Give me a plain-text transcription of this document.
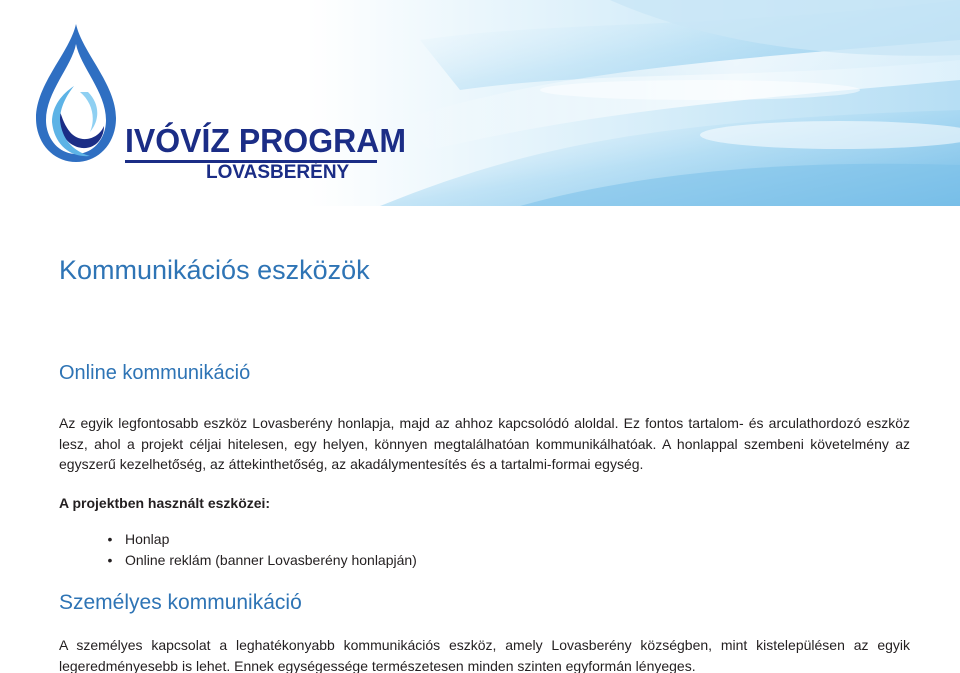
IVÓVÍZ PROGRAM
LOVASBERÉNY
Kommunikációs eszközök
Online kommunikáció
Az egyik legfontosabb eszköz Lovasberény honlapja, majd az ahhoz kapcsolódó aloldal. Ez fontos tartalom- és arculathordozó eszköz lesz, ahol a projekt céljai hitelesen, egy helyen, könnyen megtalálhatóan kommunikálhatóak. A honlappal szembeni követelmény az egyszerű kezelhetőség, az áttekinthetőség, az akadálymentesítés és a tartalmi-formai egység.
A projektben használt eszközei:
• Honlap
• Online reklám (banner Lovasberény honlapján)
Személyes kommunikáció
A személyes kapcsolat a leghatékonyabb kommunikációs eszköz, amely Lovasberény községben, mint kistelepülésen az egyik legeredményesebb is lehet. Ennek egységessége természetesen minden szinten egyformán lényeges.
